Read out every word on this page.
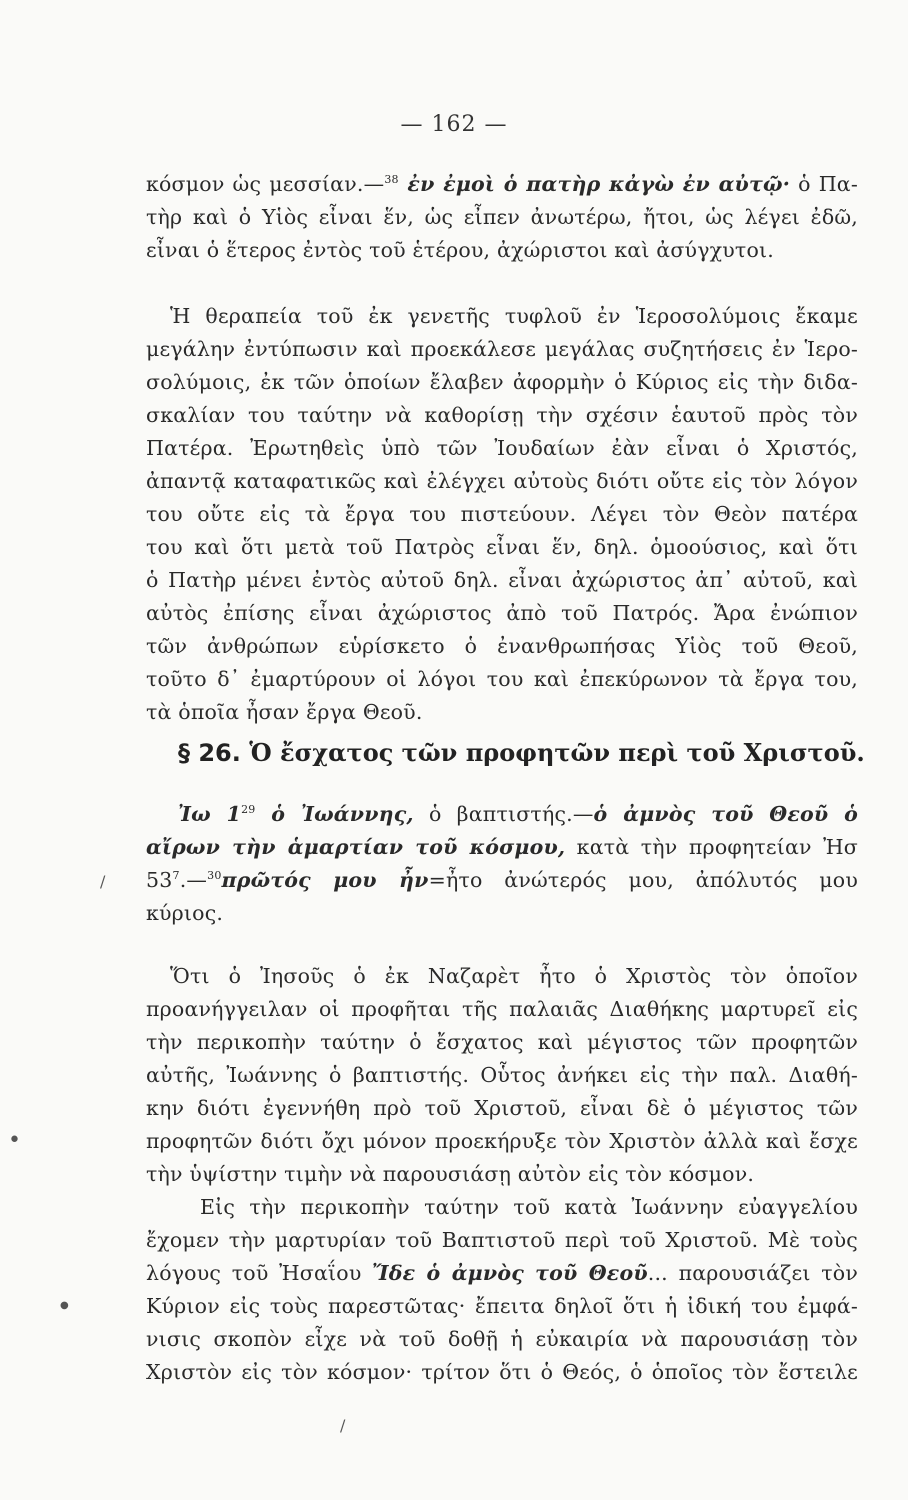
— 162 —
κόσμον ὡς μεσσίαν.—$^{38}$ ἐν ἐμοὶ ὁ πατὴρ κἀγὼ ἐν αὐτῷ· ὁ Πα-
τὴρ καὶ ὁ Υἱὸς εἶναι ἕν, ὡς εἶπεν ἀνωτέρω, ἤτοι, ὡς λέγει ἐδῶ,
εἶναι ὁ ἕτερος ἐντὸς τοῦ ἑτέρου, ἀχώριστοι καὶ ἀσύγχυτοι.
Ἡ θεραπεία τοῦ ἐκ γενετῆς τυφλοῦ ἐν Ἱεροσολύμοις ἔκαμε
μεγάλην ἐντύπωσιν καὶ προεκάλεσε μεγάλας συζητήσεις ἐν Ἱερο-
σολύμοις, ἐκ τῶν ὁποίων ἔλαβεν ἀφορμὴν ὁ Κύριος εἰς τὴν διδα-
σκαλίαν του ταύτην νὰ καθορίσῃ τὴν σχέσιν ἑαυτοῦ πρὸς τὸν
Πατέρα. Ἐρωτηθεὶς ὑπὸ τῶν Ἰουδαίων ἐὰν εἶναι ὁ Χριστός,
ἀπαντᾷ καταφατικῶς καὶ ἐλέγχει αὐτοὺς διότι οὔτε εἰς τὸν λόγον
του οὔτε εἰς τὰ ἔργα του πιστεύουν. Λέγει τὸν Θεὸν πατέρα
του καὶ ὅτι μετὰ τοῦ Πατρὸς εἶναι ἕν, δηλ. ὁμοούσιος, καὶ ὅτι
ὁ Πατὴρ μένει ἐντὸς αὐτοῦ δηλ. εἶναι ἀχώριστος ἀπ᾽ αὐτοῦ, καὶ
αὐτὸς ἐπίσης εἶναι ἀχώριστος ἀπὸ τοῦ Πατρός. Ἄρα ἐνώπιον
τῶν ἀνθρώπων εὑρίσκετο ὁ ἐνανθρωπήσας Υἱὸς τοῦ Θεοῦ,
τοῦτο δ᾽ ἐμαρτύρουν οἱ λόγοι του καὶ ἐπεκύρωνον τὰ ἔργα του,
τὰ ὁποῖα ἦσαν ἔργα Θεοῦ.
§ 26. Ὁ ἔσχατος τῶν προφητῶν περὶ τοῦ Χριστοῦ.
Ἰω $1^{29}$ ὁ Ἰωάννης, ὁ βαπτιστής.—ὁ ἀμνὸς τοῦ Θεοῦ ὁ
αἴρων τὴν ἁμαρτίαν τοῦ κόσμου, κατὰ τὴν προφητείαν Ἠσ
$53^7.—^{30}\pi\rho ῶ\tau ό\varsigma$ μου ἦν=ἦτο ἀνώτερός μου, ἀπόλυτός μου
κύριος.
Ὅτι ὁ Ἰησοῦς ὁ ἐκ Ναζαρὲτ ἦτο ὁ Χριστὸς τὸν ὁποῖον
προανήγγειλαν οἱ προφῆται τῆς παλαιᾶς Διαθήκης μαρτυρεῖ εἰς
τὴν περικοπὴν ταύτην ὁ ἔσχατος καὶ μέγιστος τῶν προφητῶν
αὐτῆς, Ἰωάννης ὁ βαπτιστής. Οὗτος ἀνήκει εἰς τὴν παλ. Διαθή-
κην διότι ἐγεννήθη πρὸ τοῦ Χριστοῦ, εἶναι δὲ ὁ μέγιστος τῶν
προφητῶν διότι ὄχι μόνον προεκήρυξε τὸν Χριστὸν ἀλλὰ καὶ ἔσχε
τὴν ὑψίστην τιμὴν νὰ παρουσιάσῃ αὐτὸν εἰς τὸν κόσμον.
Εἰς τὴν περικοπὴν ταύτην τοῦ κατὰ Ἰωάννην εὐαγγελίου
ἔχομεν τὴν μαρτυρίαν τοῦ Βαπτιστοῦ περὶ τοῦ Χριστοῦ. Μὲ τοὺς
λόγους τοῦ Ἠσαΐου Ἴδε ὁ ἀμνὸς τοῦ Θεοῦ... παρουσιάζει τὸν
Κύριον εἰς τοὺς παρεστῶτας· ἔπειτα δηλοῖ ὅτι ἡ ἰδική του ἐμφά-
νισις σκοπὸν εἶχε νὰ τοῦ δοθῇ ἡ εὐκαιρία νὰ παρουσιάσῃ τὸν
Χριστὸν εἰς τὸν κόσμον· τρίτον ὅτι ὁ Θεός, ὁ ὁποῖος τὸν ἔστειλε
/
•
●
/
